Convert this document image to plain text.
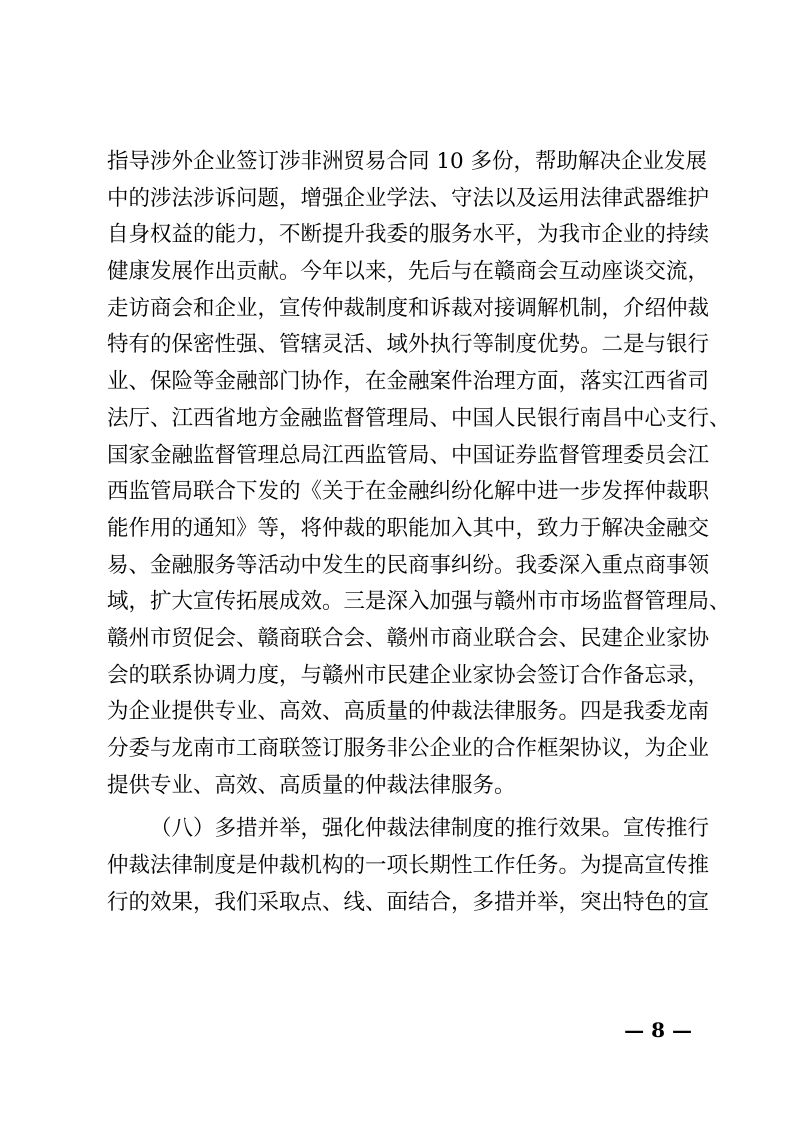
指导涉外企业签订涉非洲贸易合同 10 多份，帮助解决企业发展
中的涉法涉诉问题，增强企业学法、守法以及运用法律武器维护
自身权益的能力，不断提升我委的服务水平，为我市企业的持续
健康发展作出贡献。今年以来，先后与在赣商会互动座谈交流，
走访商会和企业，宣传仲裁制度和诉裁对接调解机制，介绍仲裁
特有的保密性强、管辖灵活、域外执行等制度优势。二是与银行
业、保险等金融部门协作，在金融案件治理方面，落实江西省司
法厅、江西省地方金融监督管理局、中国人民银行南昌中心支行、
国家金融监督管理总局江西监管局、中国证券监督管理委员会江
西监管局联合下发的《关于在金融纠纷化解中进一步发挥仲裁职
能作用的通知》等，将仲裁的职能加入其中，致力于解决金融交
易、金融服务等活动中发生的民商事纠纷。我委深入重点商事领
域，扩大宣传拓展成效。三是深入加强与赣州市市场监督管理局、
赣州市贸促会、赣商联合会、赣州市商业联合会、民建企业家协
会的联系协调力度，与赣州市民建企业家协会签订合作备忘录，
为企业提供专业、高效、高质量的仲裁法律服务。四是我委龙南
分委与龙南市工商联签订服务非公企业的合作框架协议，为企业
提供专业、高效、高质量的仲裁法律服务。
（八）多措并举，强化仲裁法律制度的推行效果。宣传推行
仲裁法律制度是仲裁机构的一项长期性工作任务。为提高宣传推
行的效果，我们采取点、线、面结合，多措并举，突出特色的宣
— 8 —
